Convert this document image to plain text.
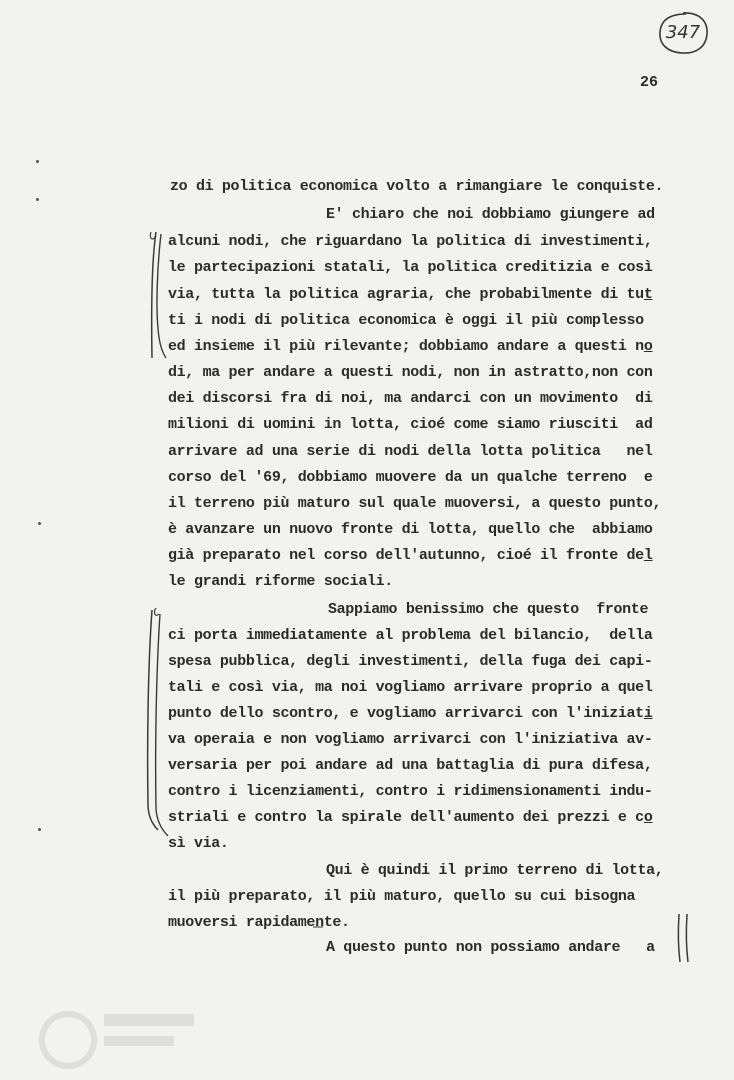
347
26
zo di politica economica volto a rimangiare le conquiste.
E' chiaro che noi dobbiamo giungere ad
alcuni nodi, che riguardano la politica di investimenti,
le partecipazioni statali, la politica creditizia e così
via, tutta la politica agraria, che probabilmente di tut
ti i nodi di politica economica è oggi il più complesso
ed insieme il più rilevante; dobbiamo andare a questi no
di, ma per andare a questi nodi, non in astratto,non con
dei discorsi fra di noi, ma andarci con un movimento  di
milioni di uomini in lotta, cioé come siamo riusciti  ad
arrivare ad una serie di nodi della lotta politica   nel
corso del '69, dobbiamo muovere da un qualche terreno  e
il terreno più maturo sul quale muoversi, a questo punto,
è avanzare un nuovo fronte di lotta, quello che  abbiamo
già preparato nel corso dell'autunno, cioé il fronte del
le grandi riforme sociali.
Sappiamo benissimo che questo  fronte
ci porta immediatamente al problema del bilancio,  della
spesa pubblica, degli investimenti, della fuga dei capi-
tali e così via, ma noi vogliamo arrivare proprio a quel
punto dello scontro, e vogliamo arrivarci con l'iniziati
va operaia e non vogliamo arrivarci con l'iniziativa av-
versaria per poi andare ad una battaglia di pura difesa,
contro i licenziamenti, contro i ridimensionamenti indu-
striali e contro la spirale dell'aumento dei prezzi e co
sì via.
Qui è quindi il primo terreno di lotta,
il più preparato, il più maturo, quello su cui bisogna
muoversi rapidamente.
A questo punto non possiamo andare   a
